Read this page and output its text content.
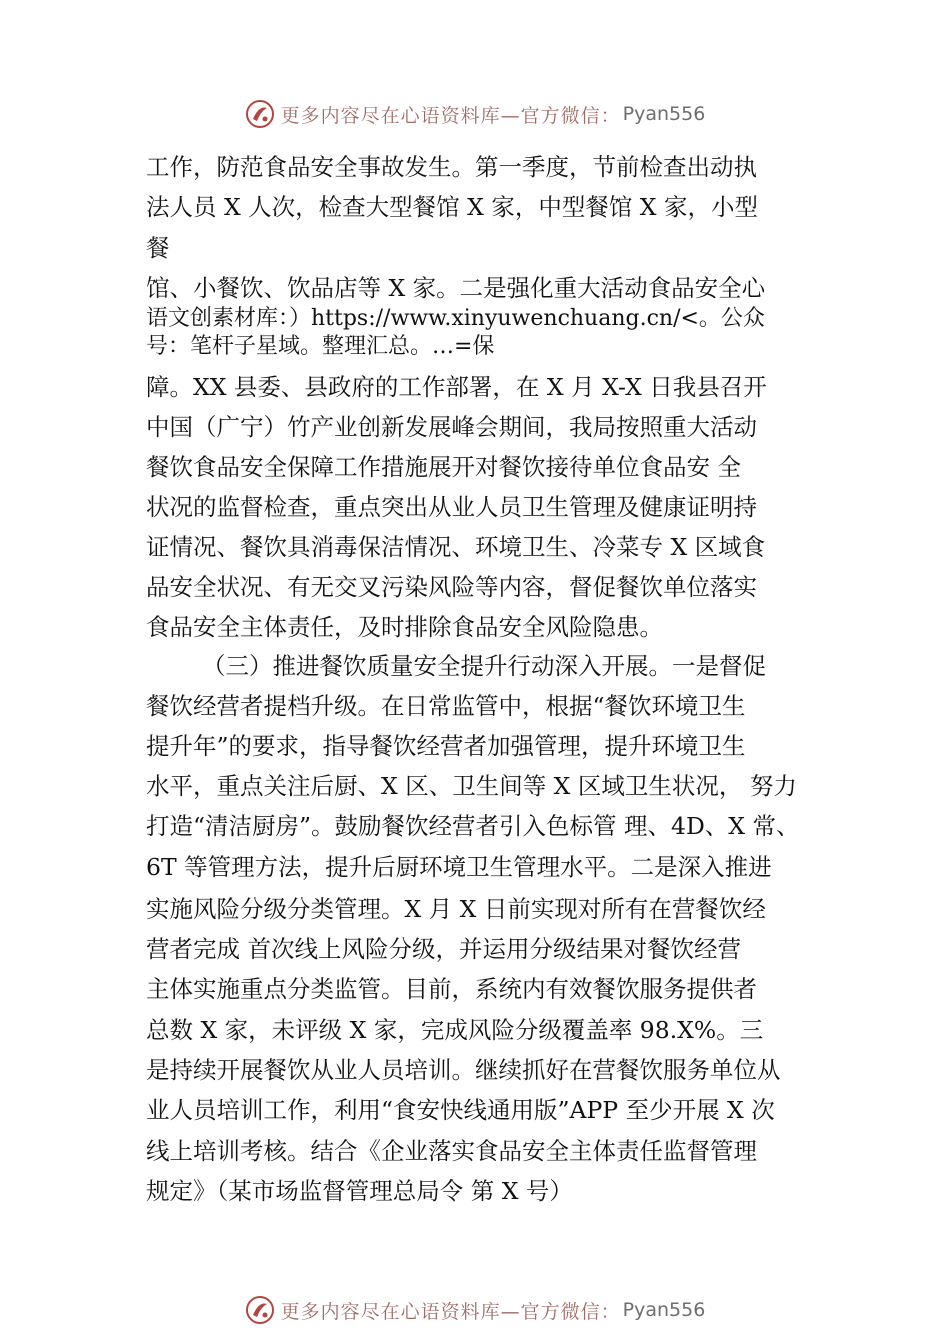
更多内容尽在心语资料库—官方微信： Pyan556
工作，防范食品安全事故发生。第一季度，节前检查出动执
法人员 X 人次，检查大型餐馆 X 家，中型餐馆 X 家，小型
餐
馆、小餐饮、饮品店等 X 家。二是强化重大活动食品安全心
语文创素材库：）https://www.xinyuwenchuang.cn/<。公众
号：笔杆子星域。整理汇总。…=保
障。XX 县委、县政府的工作部署，在 X 月 X-X 日我县召开
中国（广宁）竹产业创新发展峰会期间，我局按照重大活动
餐饮食品安全保障工作措施展开对餐饮接待单位食品安 全
状况的监督检查，重点突出从业人员卫生管理及健康证明持
证情况、餐饮具消毒保洁情况、环境卫生、冷菜专 X 区域食
品安全状况、有无交叉污染风险等内容，督促餐饮单位落实
食品安全主体责任，及时排除食品安全风险隐患。
（三）推进餐饮质量安全提升行动深入开展。一是督促
餐饮经营者提档升级。在日常监管中，根据“餐饮环境卫生
提升年”的要求，指导餐饮经营者加强管理，提升环境卫生
水平，重点关注后厨、X 区、卫生间等 X 区域卫生状况， 努力
打造“清洁厨房”。鼓励餐饮经营者引入色标管 理、4D、X 常、
6T 等管理方法，提升后厨环境卫生管理水平。二是深入推进
实施风险分级分类管理。X 月 X 日前实现对所有在营餐饮经
营者完成 首次线上风险分级，并运用分级结果对餐饮经营
主体实施重点分类监管。目前，系统内有效餐饮服务提供者
总数 X 家，未评级 X 家，完成风险分级覆盖率 98.X%。三
是持续开展餐饮从业人员培训。继续抓好在营餐饮服务单位从
业人员培训工作，利用“食安快线通用版”APP 至少开展 X 次
线上培训考核。结合《企业落实食品安全主体责任监督管理
规定》（某市场监督管理总局令 第 X 号）
更多内容尽在心语资料库—官方微信： Pyan556
